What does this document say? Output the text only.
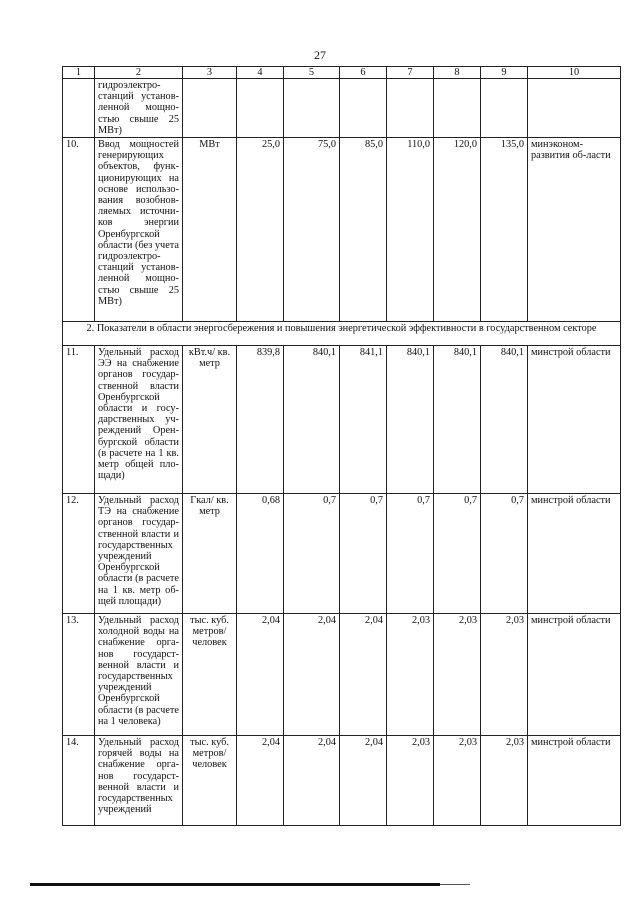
27
1	2	3	4	5	6	7	8	9	10
	гидроэлектро-станций установ-ленной мощно-стью свыше 25 МВт)								
10.	Ввод мощностей генерирующих объектов, функ-ционирующих на основе использо-вания возобнов-ляемых источни-ков энергии Оренбургской области (без учета гидроэлектро-станций установ-ленной мощно-стью свыше 25 МВт)	МВт	25,0	75,0	85,0	110,0	120,0	135,0	минэконом-развития об-ласти
2. Показатели в области энергосбережения и повышения энергетической эффективности в государственном секторе									
11.	Удельный расход ЭЭ на снабжение органов государ-ственной власти Оренбургской области и госу-дарственных уч-реждений Орен-бургской области (в расчете на 1 кв. метр общей пло-щади)	кВт.ч/ кв. метр	839,8	840,1	841,1	840,1	840,1	840,1	минстрой области
12.	Удельный расход ТЭ на снабжение органов государ-ственной власти и государственных учреждений Оренбургской области (в расчете на 1 кв. метр об-щей площади)	Гкал/ кв. метр	0,68	0,7	0,7	0,7	0,7	0,7	минстрой области
13.	Удельный расход холодной воды на снабжение орга-нов государст-венной власти и государственных учреждений Оренбургской области (в расчете на 1 человека)	тыс. куб. метров/ человек	2,04	2,04	2,04	2,03	2,03	2,03	минстрой области
14.	Удельный расход горячей воды на снабжение орга-нов государст-венной власти и государственных учреждений	тыс. куб. метров/ человек	2,04	2,04	2,04	2,03	2,03	2,03	минстрой области
